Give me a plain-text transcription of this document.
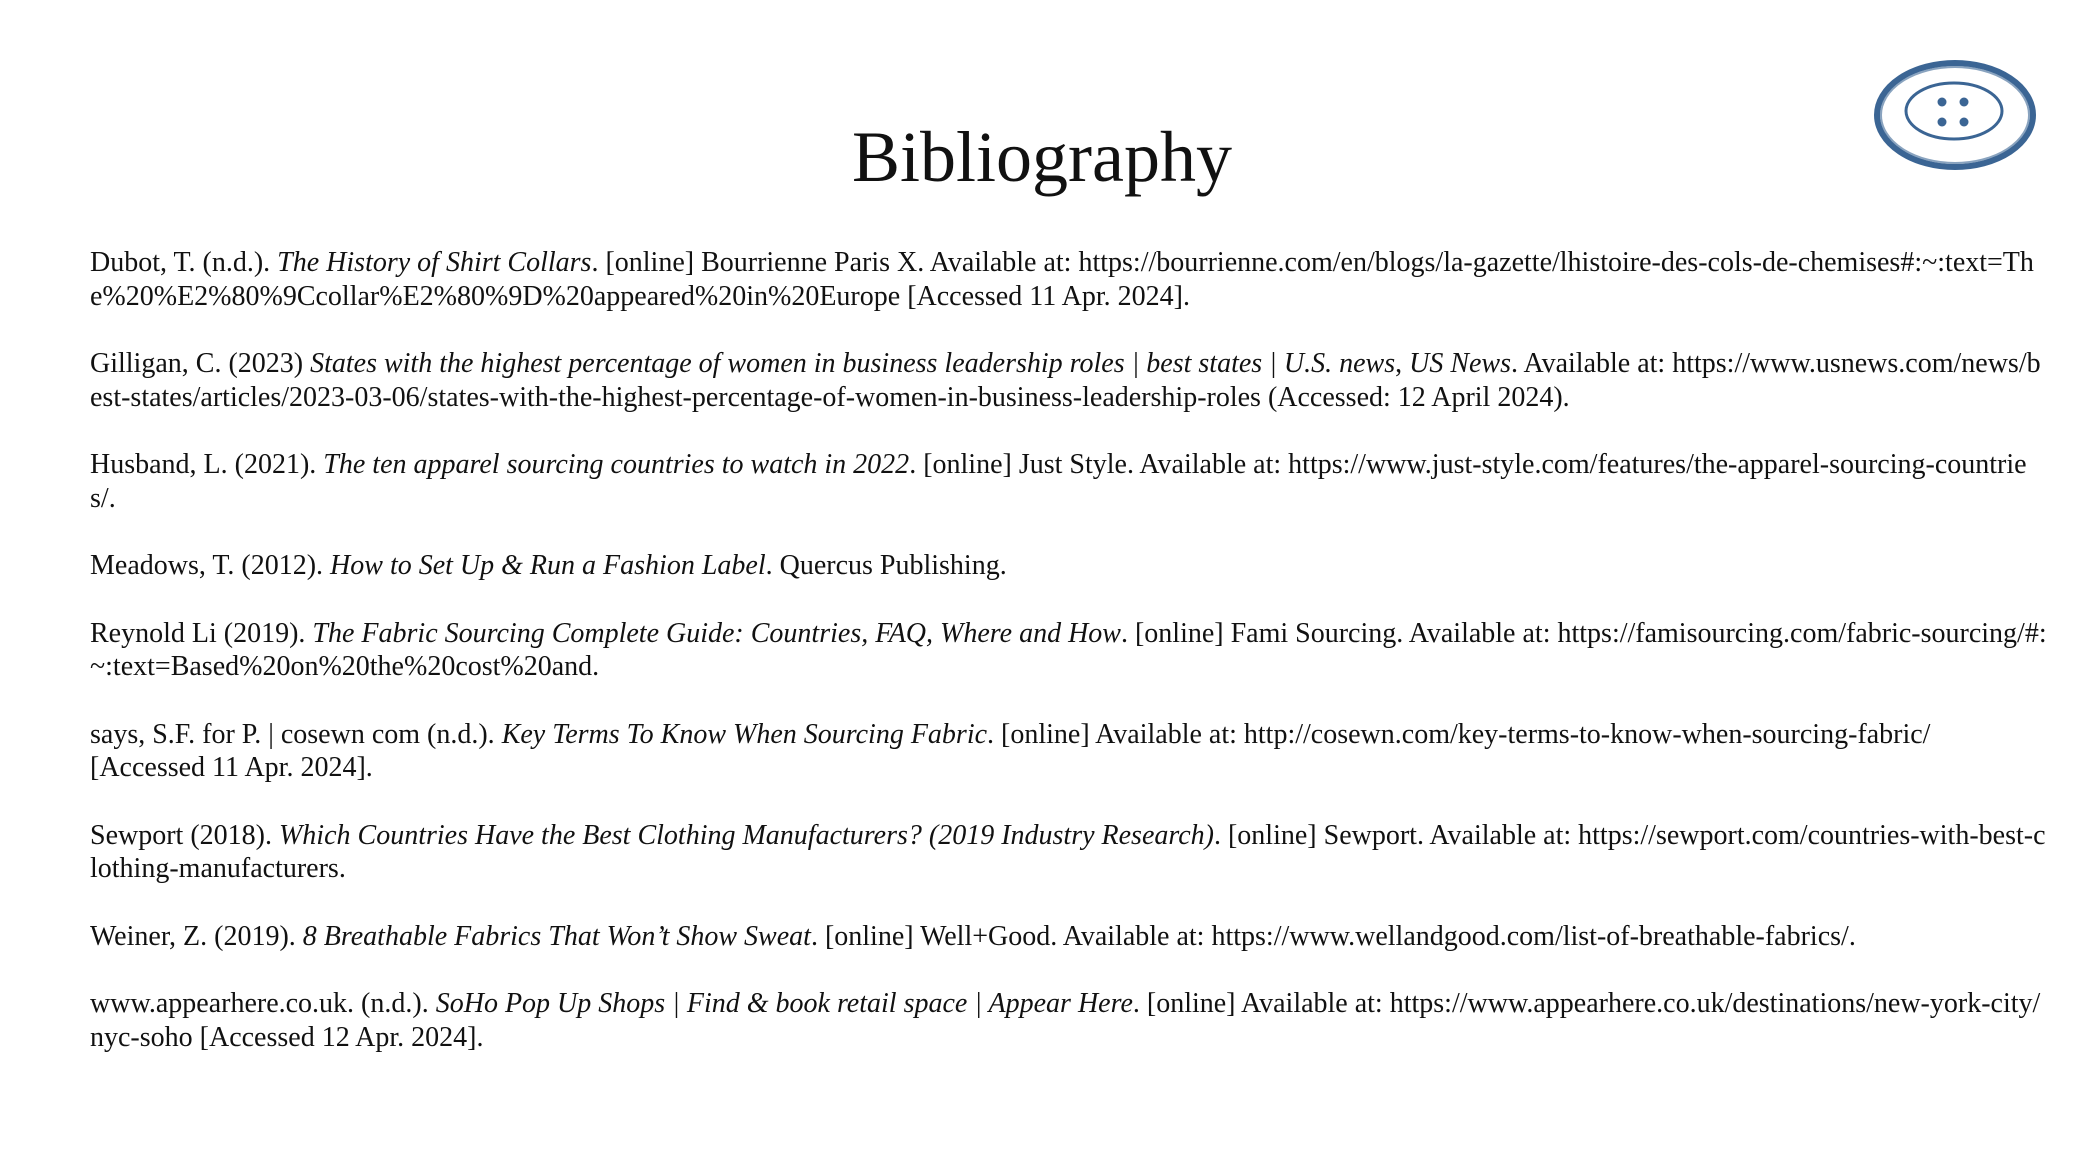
Bibliography

Dubot, T. (n.d.). The History of Shirt Collars. [online] Bourrienne Paris X. Available at: https://bourrienne.com/en/blogs/la-gazette/lhistoire-des-cols-de-chemises#:~:text=The%20%E2%80%9Ccollar%E2%80%9D%20appeared%20in%20Europe [Accessed 11 Apr. 2024].

Gilligan, C. (2023) States with the highest percentage of women in business leadership roles | best states | U.S. news, US News. Available at: https://www.usnews.com/news/best-states/articles/2023-03-06/states-with-the-highest-percentage-of-women-in-business-leadership-roles (Accessed: 12 April 2024).

Husband, L. (2021). The ten apparel sourcing countries to watch in 2022. [online] Just Style. Available at: https://www.just-style.com/features/the-apparel-sourcing-countries/.

Meadows, T. (2012). How to Set Up & Run a Fashion Label. Quercus Publishing.

Reynold Li (2019). The Fabric Sourcing Complete Guide: Countries, FAQ, Where and How. [online] Fami Sourcing. Available at: https://famisourcing.com/fabric-sourcing/#:~:text=Based%20on%20the%20cost%20and.

says, S.F. for P. | cosewn com (n.d.). Key Terms To Know When Sourcing Fabric. [online] Available at: http://cosewn.com/key-terms-to-know-when-sourcing-fabric/ [Accessed 11 Apr. 2024].

Sewport (2018). Which Countries Have the Best Clothing Manufacturers? (2019 Industry Research). [online] Sewport. Available at: https://sewport.com/countries-with-best-clothing-manufacturers.

Weiner, Z. (2019). 8 Breathable Fabrics That Won’t Show Sweat. [online] Well+Good. Available at: https://www.wellandgood.com/list-of-breathable-fabrics/.

www.appearhere.co.uk. (n.d.). SoHo Pop Up Shops | Find & book retail space | Appear Here. [online] Available at: https://www.appearhere.co.uk/destinations/new-york-city/nyc-soho [Accessed 12 Apr. 2024].
